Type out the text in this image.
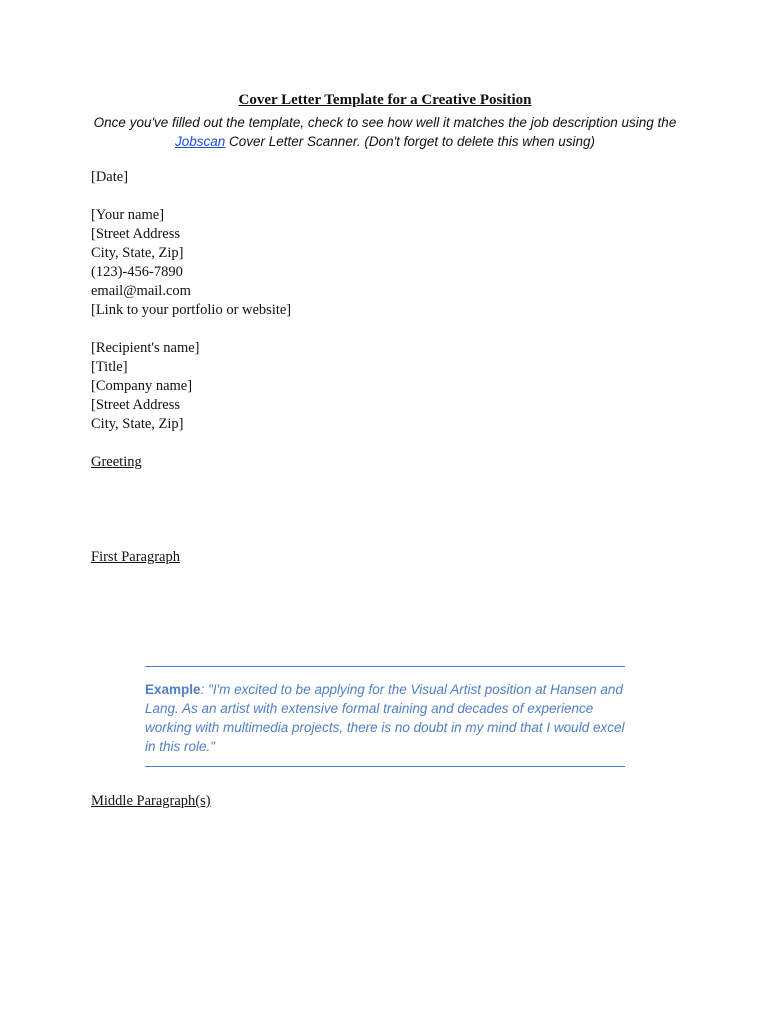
Cover Letter Template for a Creative Position
Once you've filled out the template, check to see how well it matches the job description using the Jobscan Cover Letter Scanner. (Don't forget to delete this when using)
[Date]
[Your name]
[Street Address
City, State, Zip]
(123)-456-7890
email@mail.com
[Link to your portfolio or website]
[Recipient's name]
[Title]
[Company name]
[Street Address
City, State, Zip]
Greeting
First Paragraph
Example: "I'm excited to be applying for the Visual Artist position at Hansen and Lang. As an artist with extensive formal training and decades of experience working with multimedia projects, there is no doubt in my mind that I would excel in this role."
Middle Paragraph(s)
